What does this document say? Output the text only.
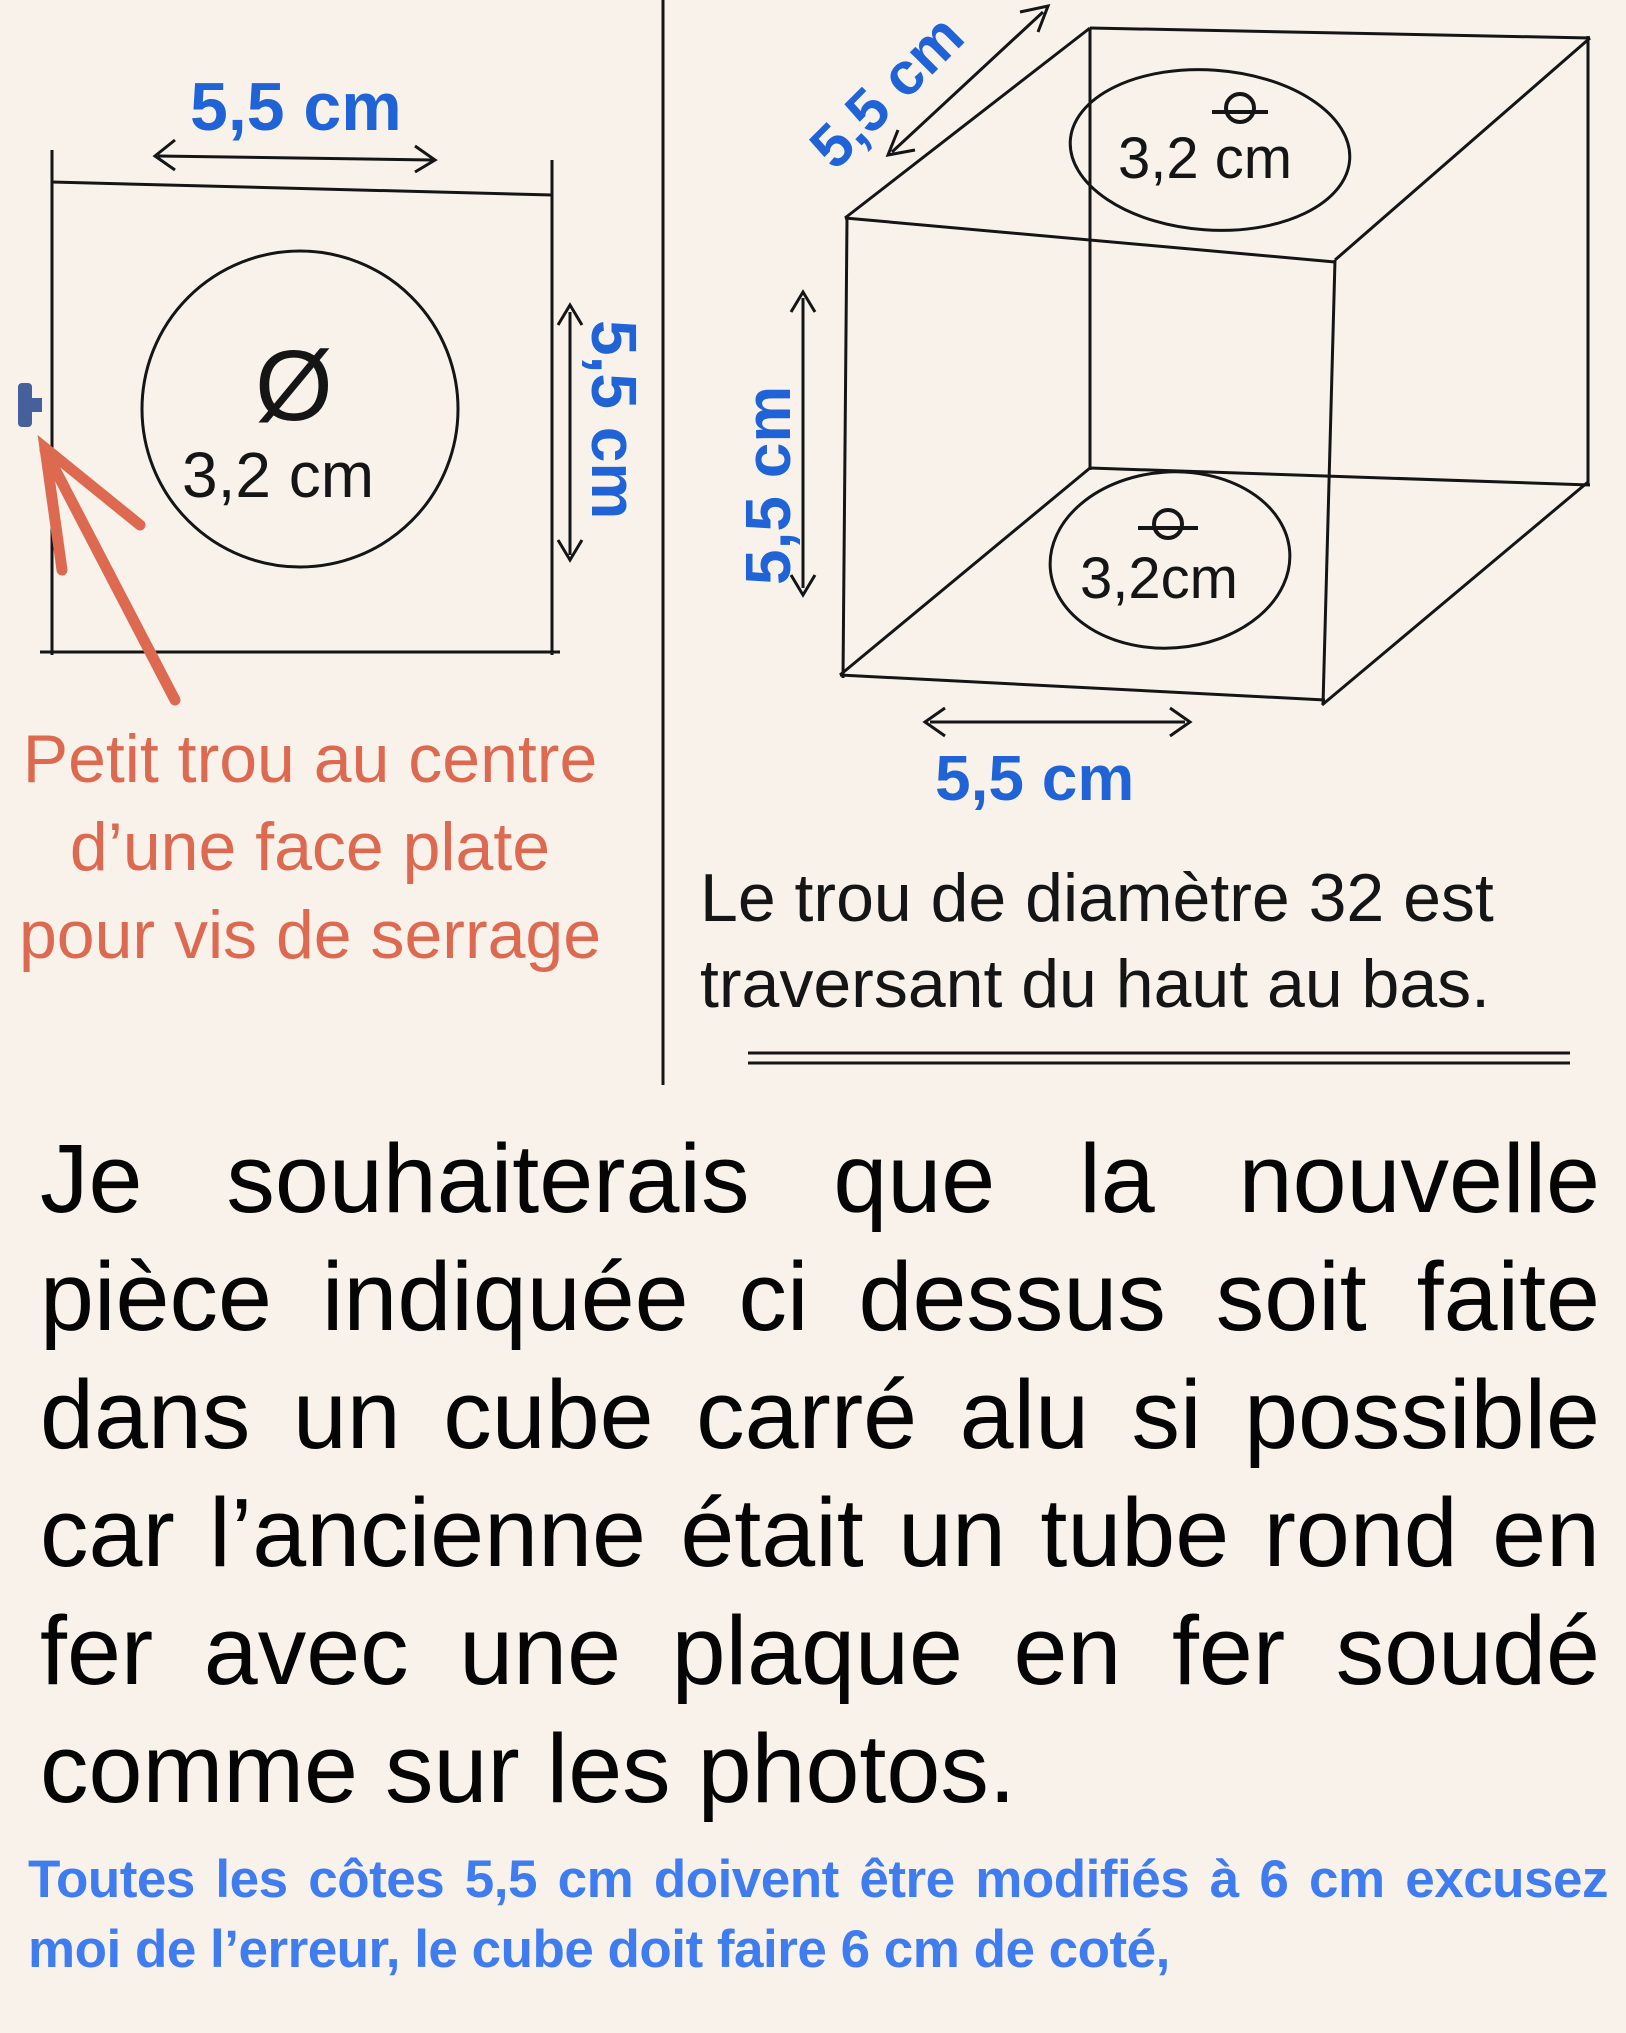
5,5 cm
5,5 cm
Ø
3,2 cm
5,5 cm
5,5 cm
5,5 cm
3,2 cm
3,2cm
Petit trou au centre d’une face plate pour vis de serrage Le trou de diamètre 32 est traversant du haut au bas.
Je souhaiterais que la nouvelle pièce indiquée ci dessus soit faite dans un cube carré alu si possible car l’ancienne était un tube rond en fer avec une plaque en fer soudé comme sur les photos.
Toutes les côtes 5,5 cm doivent être modifiés à 6 cm excusez moi de l’erreur, le cube doit faire 6 cm de coté,
